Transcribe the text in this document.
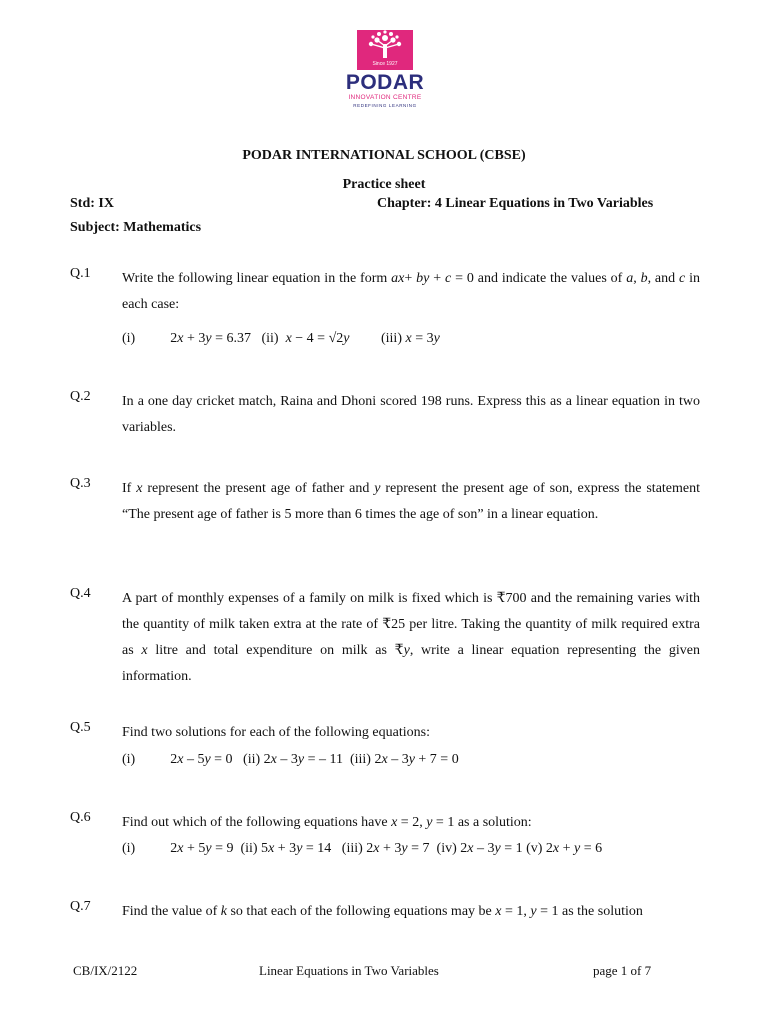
Since 1927
PODAR
INNOVATION CENTRE
REDEFINING LEARNING
PODAR INTERNATIONAL SCHOOL (CBSE)
Practice sheet
Std: IX	Chapter: 4 Linear Equations in Two Variables
Subject: Mathematics
Q.1 Write the following linear equation in the form ax+ by + c = 0 and indicate the values of a, b, and c in each case:
(i)          2x + 3y = 6.37   (ii)  x − 4 = √2y         (iii) x = 3y
Q.2 In a one day cricket match, Raina and Dhoni scored 198 runs. Express this as a linear equation in two variables.
Q.3 If x represent the present age of father and y represent the present age of son, express the statement “The present age of father is 5 more than 6 times the age of son” in a linear equation.
Q.4 A part of monthly expenses of a family on milk is fixed which is ₹700 and the remaining varies with the quantity of milk taken extra at the rate of ₹25 per litre. Taking the quantity of milk required extra as x litre and total expenditure on milk as ₹y, write a linear equation representing the given information.
Q.5 Find two solutions for each of the following equations:
(i)          2x – 5y = 0   (ii) 2x – 3y = – 11  (iii) 2x – 3y + 7 = 0
Q.6 Find out which of the following equations have x = 2, y = 1 as a solution:
(i)          2x + 5y = 9  (ii) 5x + 3y = 14   (iii) 2x + 3y = 7  (iv) 2x – 3y = 1 (v) 2x + y = 6
Q.7 Find the value of k so that each of the following equations may be x = 1, y = 1 as the solution
CB/IX/2122	Linear Equations in Two Variables	page 1 of 7
